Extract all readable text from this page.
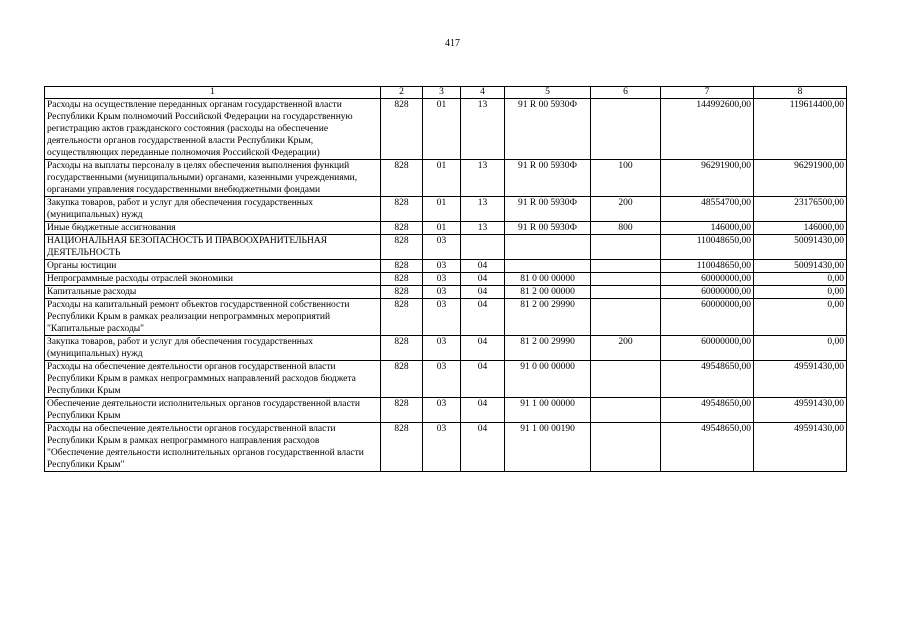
417
1	2	3	4	5	6	7	8
Расходы на осуществление переданных органам государственной власти Республики Крым полномочий Российской Федерации на государственную регистрацию актов гражданского состояния (расходы на обеспечение деятельности органов государственной власти Республики Крым, осуществляющих переданные полномочия Российской Федерации)	828	01	13	91 R 00 5930Ф		144992600,00	119614400,00
Расходы на выплаты персоналу в целях обеспечения выполнения функций государственными (муниципальными) органами, казенными учреждениями, органами управления государственными внебюджетными фондами	828	01	13	91 R 00 5930Ф	100	96291900,00	96291900,00
Закупка товаров, работ и услуг для обеспечения государственных (муниципальных) нужд	828	01	13	91 R 00 5930Ф	200	48554700,00	23176500,00
Иные бюджетные ассигнования	828	01	13	91 R 00 5930Ф	800	146000,00	146000,00
НАЦИОНАЛЬНАЯ БЕЗОПАСНОСТЬ И ПРАВООХРАНИТЕЛЬНАЯ ДЕЯТЕЛЬНОСТЬ	828	03				110048650,00	50091430,00
Органы юстиции	828	03	04			110048650,00	50091430,00
Непрограммные расходы отраслей экономики	828	03	04	81 0 00 00000		60000000,00	0,00
Капитальные расходы	828	03	04	81 2 00 00000		60000000,00	0,00
Расходы на капитальный ремонт объектов государственной собственности Республики Крым в рамках реализации непрограммных мероприятий "Капитальные расходы"	828	03	04	81 2 00 29990		60000000,00	0,00
Закупка товаров, работ и услуг для обеспечения государственных (муниципальных) нужд	828	03	04	81 2 00 29990	200	60000000,00	0,00
Расходы на обеспечение деятельности органов государственной власти Республики Крым в рамках непрограммных направлений расходов бюджета Республики Крым	828	03	04	91 0 00 00000		49548650,00	49591430,00
Обеспечение деятельности исполнительных органов государственной власти Республики Крым	828	03	04	91 1 00 00000		49548650,00	49591430,00
Расходы на обеспечение деятельности органов государственной власти Республики Крым в рамках непрограммного направления расходов "Обеспечение деятельности исполнительных органов государственной власти Республики Крым"	828	03	04	91 1 00 00190		49548650,00	49591430,00
